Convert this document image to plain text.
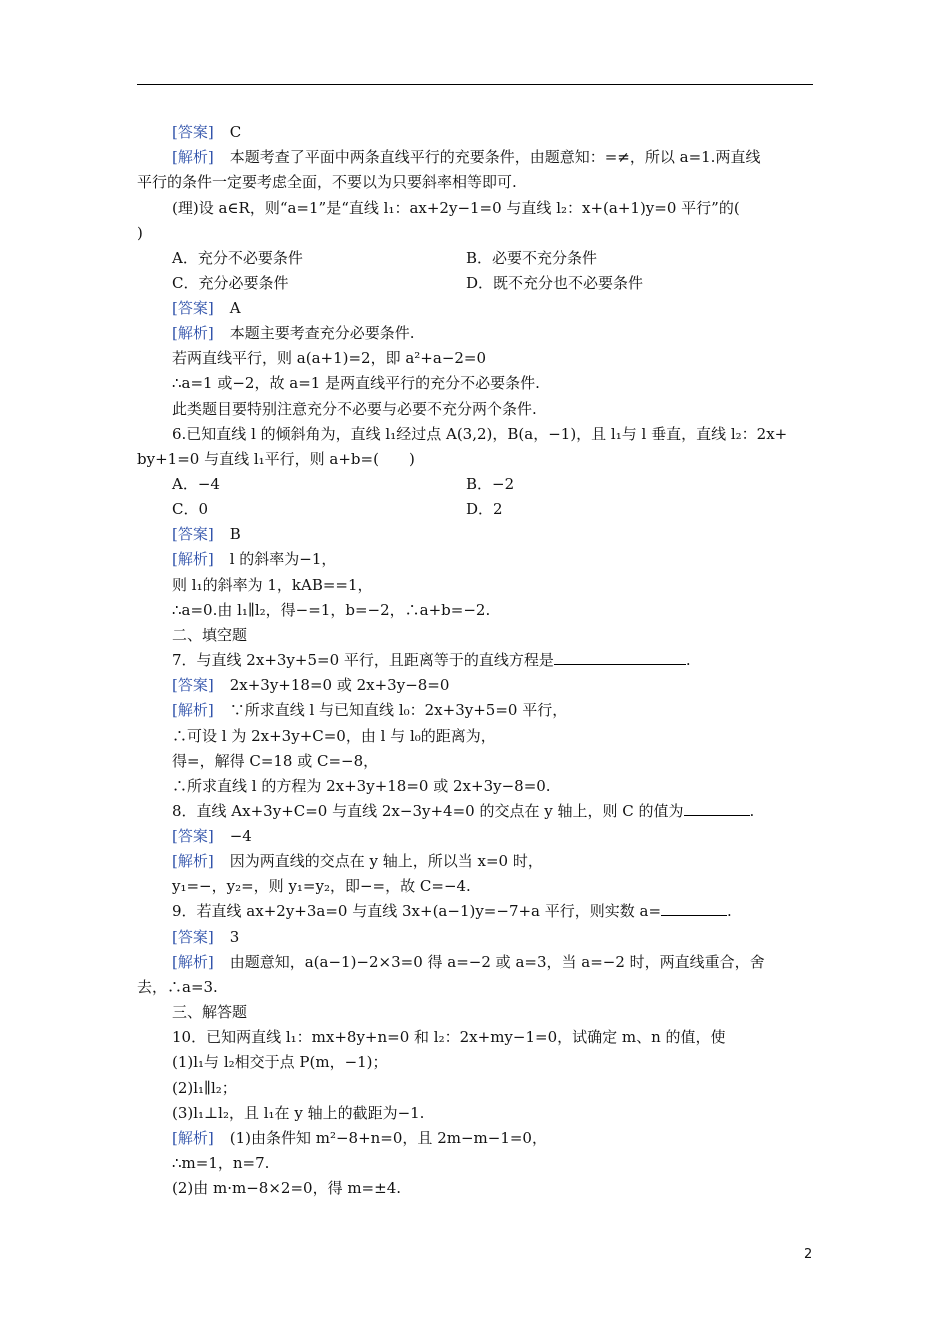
[答案] C
[解析] 本题考查了平面中两条直线平行的充要条件，由题意知：=≠，所以 a=1.两直线
平行的条件一定要考虑全面，不要以为只要斜率相等即可.
(理)设 a∈R，则“a=1”是“直线 l₁：ax+2y−1=0 与直线 l₂：x+(a+1)y=0 平行”的(
)
A．充分不必要条件	B．必要不充分条件
C．充分必要条件	D．既不充分也不必要条件
[答案] A
[解析] 本题主要考查充分必要条件.
若两直线平行，则 a(a+1)=2，即 a²+a−2=0
∴a=1 或−2，故 a=1 是两直线平行的充分不必要条件.
此类题目要特别注意充分不必要与必要不充分两个条件.
6.已知直线 l 的倾斜角为，直线 l₁经过点 A(3,2)，B(a，−1)，且 l₁与 l 垂直，直线 l₂：2x+
by+1=0 与直线 l₁平行，则 a+b=(　　)
A．−4	B．−2
C．0	D．2
[答案] B
[解析] l 的斜率为−1，
则 l₁的斜率为 1，kAB==1，
∴a=0.由 l₁∥l₂，得−=1，b=−2，∴a+b=−2.
二、填空题
7．与直线 2x+3y+5=0 平行，且距离等于的直线方程是	.
[答案] 2x+3y+18=0 或 2x+3y−8=0
[解析] ∵所求直线 l 与已知直线 l₀：2x+3y+5=0 平行，
∴可设 l 为 2x+3y+C=0，由 l 与 l₀的距离为，
得=，解得 C=18 或 C=−8，
∴所求直线 l 的方程为 2x+3y+18=0 或 2x+3y−8=0.
8．直线 Ax+3y+C=0 与直线 2x−3y+4=0 的交点在 y 轴上，则 C 的值为	.
[答案] −4
[解析] 因为两直线的交点在 y 轴上，所以当 x=0 时，
y₁=−，y₂=，则 y₁=y₂，即−=，故 C=−4.
9．若直线 ax+2y+3a=0 与直线 3x+(a−1)y=−7+a 平行，则实数 a=	.
[答案] 3
[解析] 由题意知，a(a−1)−2×3=0 得 a=−2 或 a=3，当 a=−2 时，两直线重合，舍
去，∴a=3.
三、解答题
10．已知两直线 l₁：mx+8y+n=0 和 l₂：2x+my−1=0，试确定 m、n 的值，使
(1)l₁与 l₂相交于点 P(m，−1)；
(2)l₁∥l₂；
(3)l₁⊥l₂，且 l₁在 y 轴上的截距为−1.
[解析] (1)由条件知 m²−8+n=0，且 2m−m−1=0，
∴m=1，n=7.
(2)由 m·m−8×2=0，得 m=±4.
2
